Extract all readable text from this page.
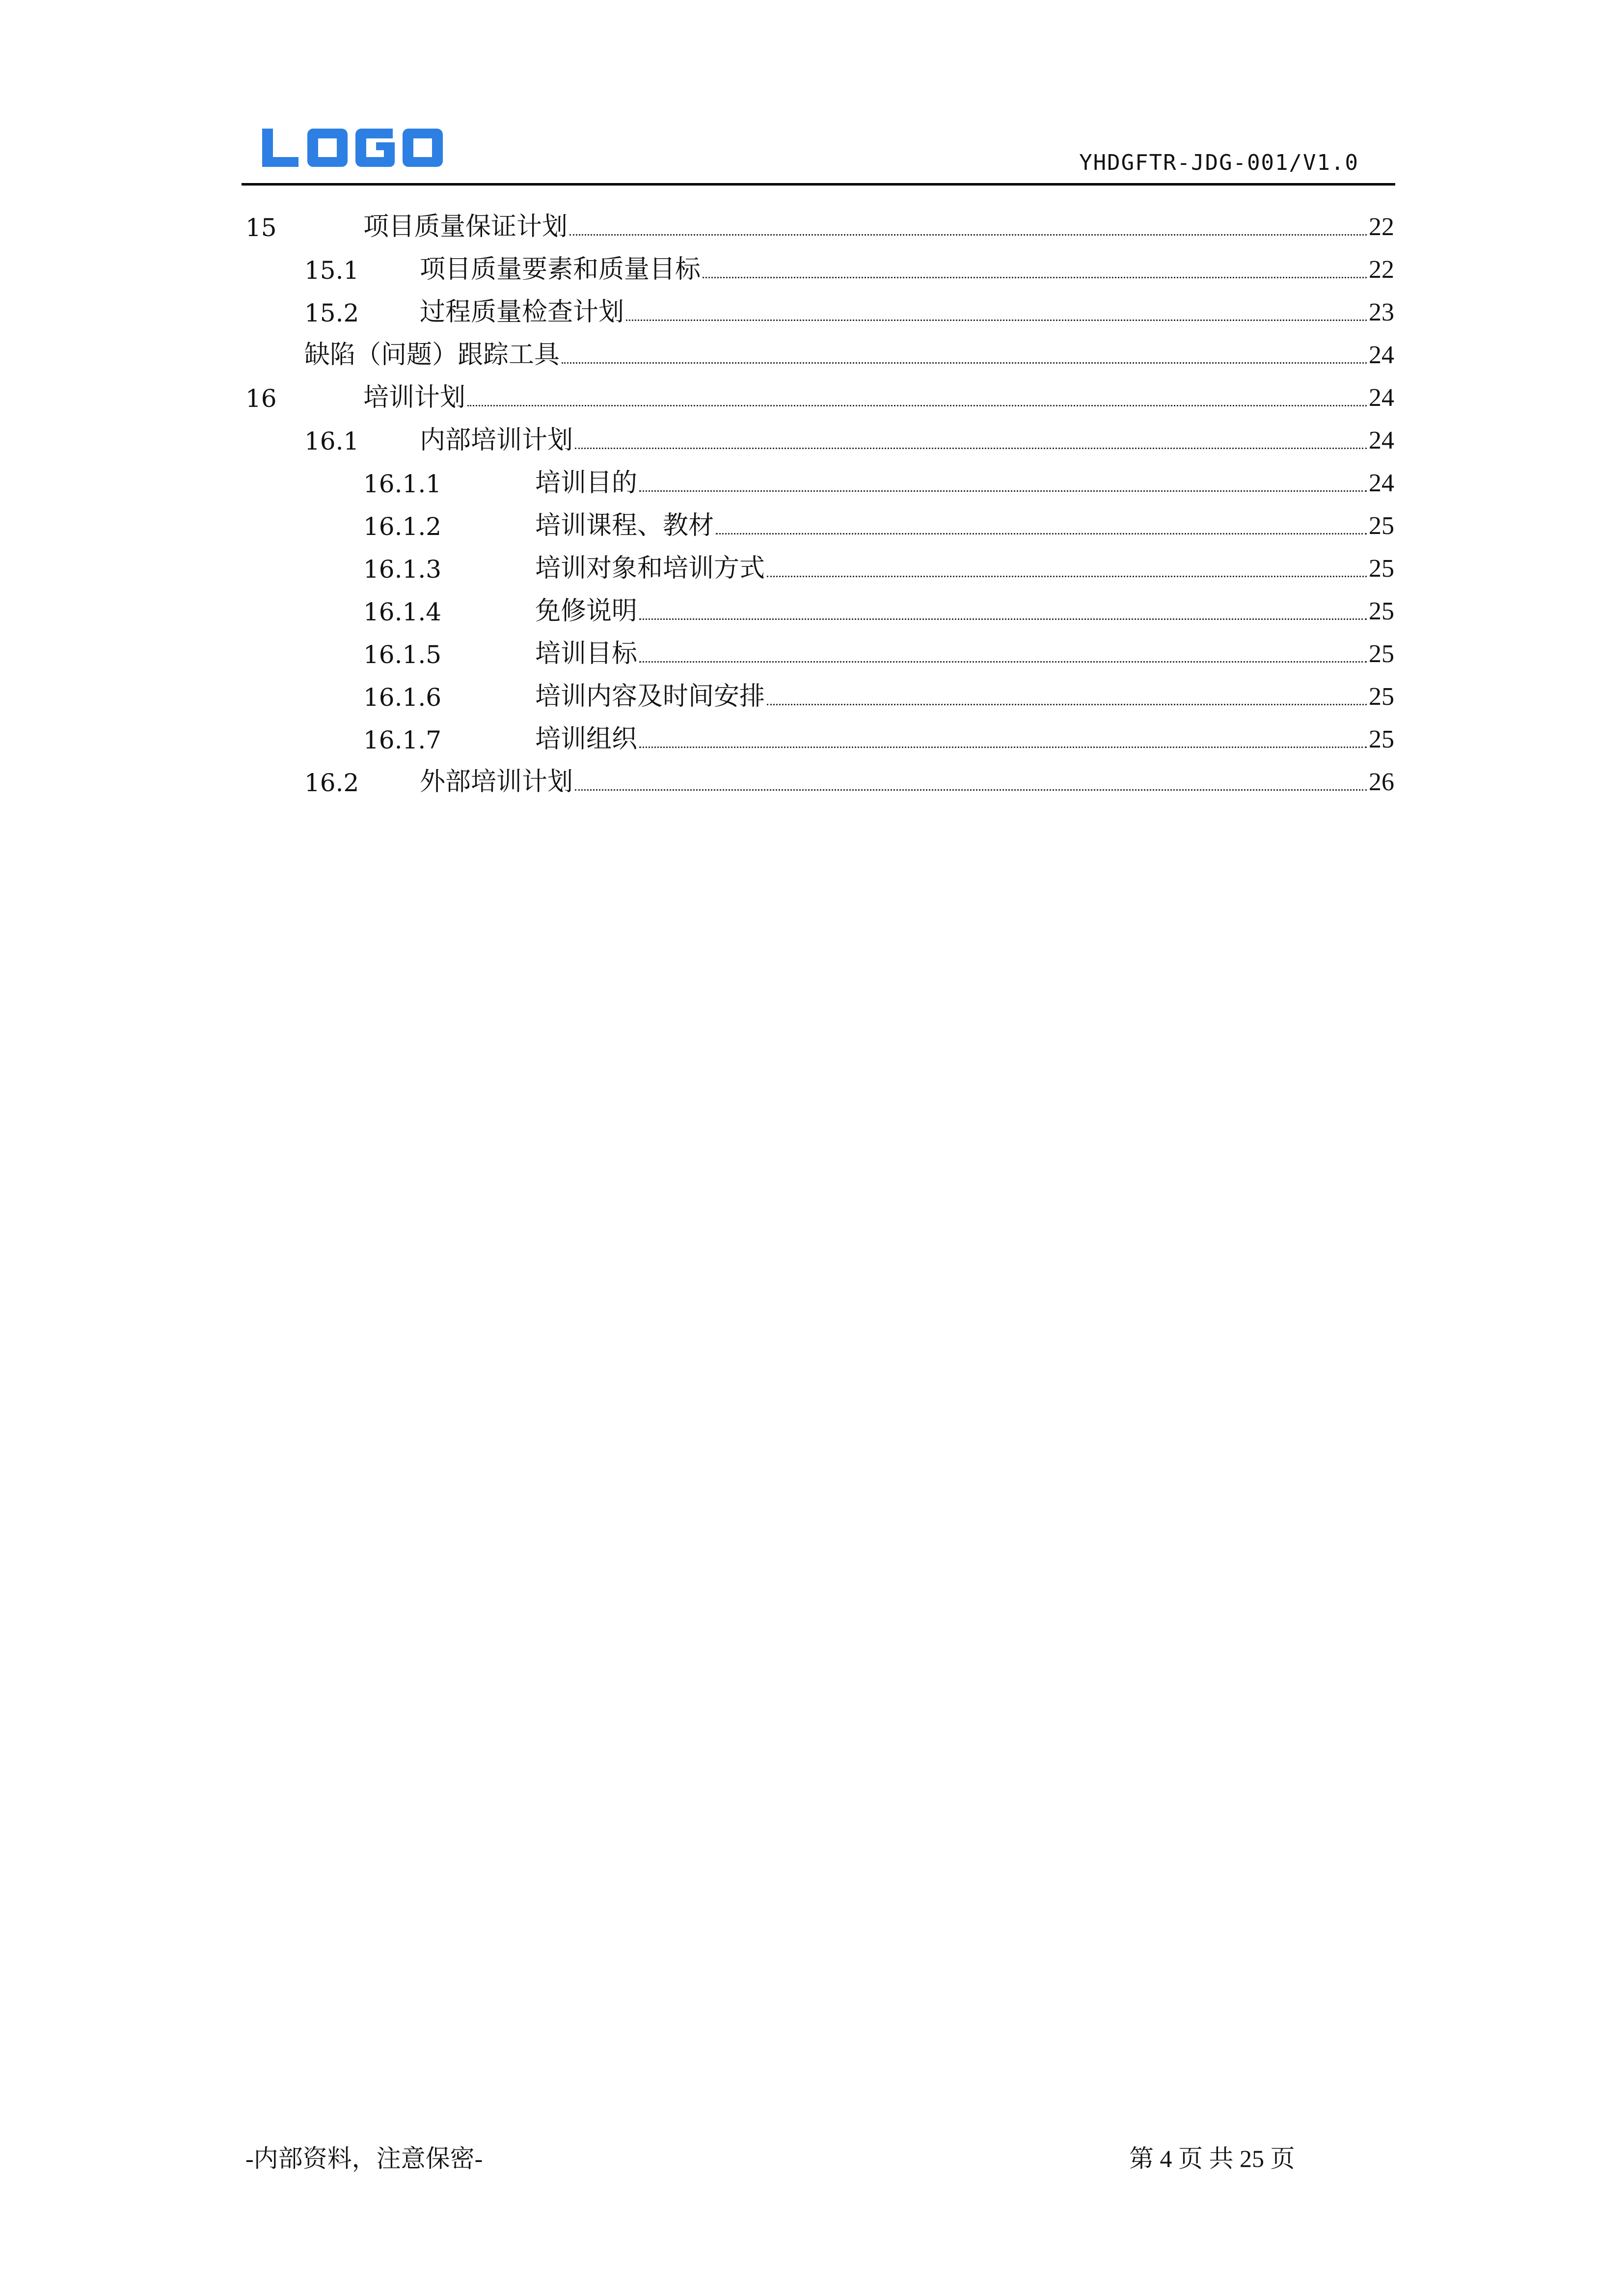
YHDGFTR-JDG-001/V1.0
15	项目质量保证计划	22
15.1	项目质量要素和质量目标	22
15.2	过程质量检查计划	23
缺陷（问题）跟踪工具	24
16	培训计划	24
16.1	内部培训计划	24
16.1.1	培训目的	24
16.1.2	培训课程、教材	25
16.1.3	培训对象和培训方式	25
16.1.4	免修说明	25
16.1.5	培训目标	25
16.1.6	培训内容及时间安排	25
16.1.7	培训组织	25
16.2	外部培训计划	26
-内部资料，注意保密-	第 4 页 共 25 页
